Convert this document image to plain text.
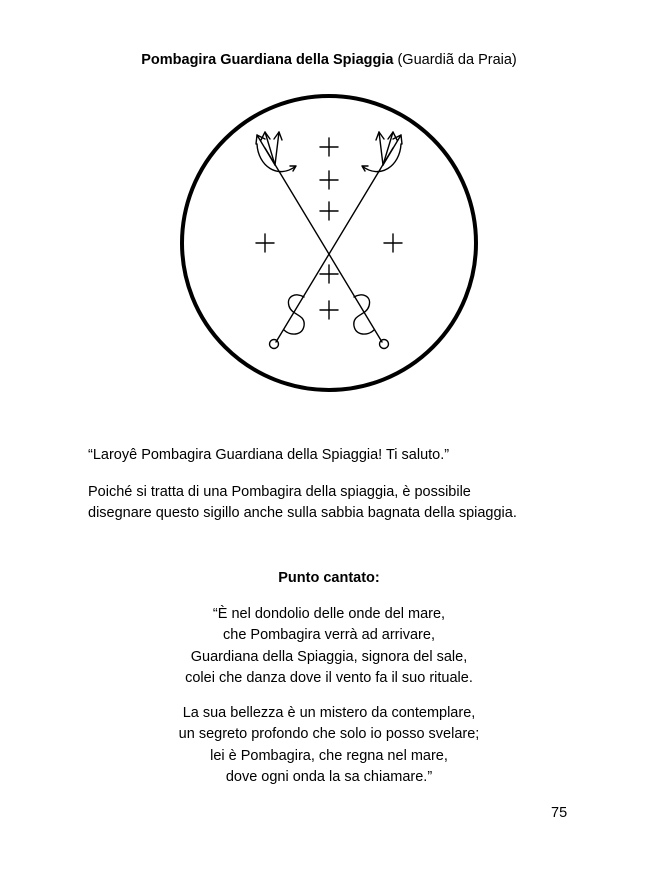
Pombagira Guardiana della Spiaggia (Guardiã da Praia)
“Laroyê Pombagira Guardiana della Spiaggia! Ti saluto.”
Poiché si tratta di una Pombagira della spiaggia, è possibile
disegnare questo sigillo anche sulla sabbia bagnata della spiaggia.
Punto cantato:
“È nel dondolio delle onde del mare,
che Pombagira verrà ad arrivare,
Guardiana della Spiaggia, signora del sale,
colei che danza dove il vento fa il suo rituale.
La sua bellezza è un mistero da contemplare,
un segreto profondo che solo io posso svelare;
lei è Pombagira, che regna nel mare,
dove ogni onda la sa chiamare.”
75
